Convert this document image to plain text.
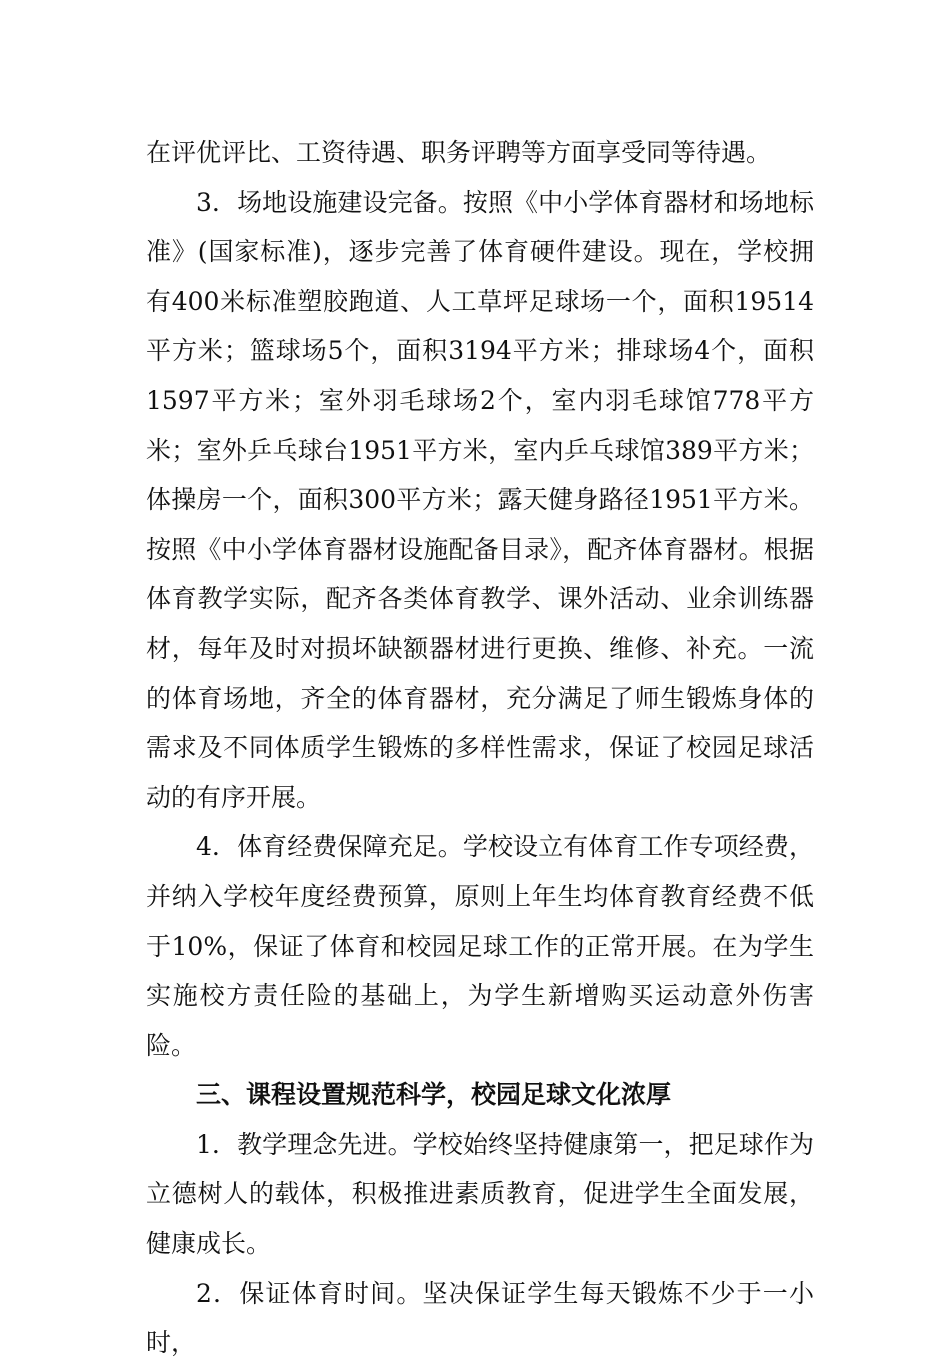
在评优评比、工资待遇、职务评聘等方面享受同等待遇。

3．场地设施建设完备。按照《中小学体育器材和场地标准》(国家标准)，逐步完善了体育硬件建设。现在，学校拥有400米标准塑胶跑道、人工草坪足球场一个，面积19514平方米；篮球场5个，面积3194平方米；排球场4个，面积1597平方米；室外羽毛球场2个，室内羽毛球馆778平方米；室外乒乓球台1951平方米，室内乒乓球馆389平方米；体操房一个，面积300平方米；露天健身路径1951平方米。按照《中小学体育器材设施配备目录》，配齐体育器材。根据体育教学实际，配齐各类体育教学、课外活动、业余训练器材，每年及时对损坏缺额器材进行更换、维修、补充。一流的体育场地，齐全的体育器材，充分满足了师生锻炼身体的需求及不同体质学生锻炼的多样性需求，保证了校园足球活动的有序开展。

4．体育经费保障充足。学校设立有体育工作专项经费，并纳入学校年度经费预算，原则上年生均体育教育经费不低于10%，保证了体育和校园足球工作的正常开展。在为学生实施校方责任险的基础上，为学生新增购买运动意外伤害险。

三、课程设置规范科学，校园足球文化浓厚

1．教学理念先进。学校始终坚持健康第一，把足球作为立德树人的载体，积极推进素质教育，促进学生全面发展，健康成长。

2．保证体育时间。坚决保证学生每天锻炼不少于一小时，
